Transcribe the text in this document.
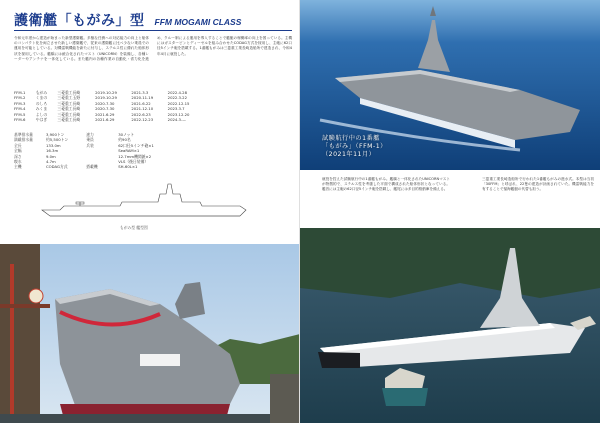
護衛艦「もがみ」型 FFM MOGAMI CLASS
令和元年度から建造が始まった新型護衛艦。多様な任務への対応能力の向上と船体のコンパクト化を両立させた新しい護衛艦で、従来の護衛艦に比べ少ない乗員での運用を可能としている。対機雷戦機能を新たに付与し、ステルス性に優れた船体形状を採用している。艦橋には統合化されたマスト（UNICORN）を装備し、各種レーダーやアンテナを一体化している。また艦内の各種作業の自動化・省力化を進め、クルー制による運用を導入することで艦艇の稼働率の向上を図っている。主機にはガスタービンとディーゼルを組み合わせたCODAG方式を採用し、主砲に62口径5インチ砲を搭載する。1番艦もがみは三菱重工業長崎造船所で建造され、令和4年4月に就役した。
FFM-1	もがみ	三菱重工長崎	2019.10.29	2021.3.3	2022.4.28
FFM-2	くまの	三菱重工玉野	2019.10.29	2020.11.19	2022.3.22
FFM-3	のしろ	三菱重工長崎	2020.7.30	2021.6.22	2022.12.15
FFM-4	みくま	三菱重工長崎	2020.7.30	2021.12.10	2023.3.7
FFM-5	よしの	三菱重工長崎	2021.6.29	2022.6.23	2023.12.20
FFM-6	やはぎ	三菱重工長崎	2021.6.29	2022.12.23	2024.3.—
基準排水量	3,900トン
満載排水量	約5,500トン
全長	133.0m
全幅	16.3m
深さ	9.0m
喫水	4.7m
主機	CODAG方式
速力	30ノット
乗員	約90名
兵装	62口径5インチ砲×1
SeaRAM×1
12.7mm機関銃×2
VLS（後日装備）
搭載機	SH-60L×1
もがみ型 艦型図
試験航行中の1番艦
「もがみ」（FFM-1）
（2021年11月）
就役を控えた試験航行中の1番艦もがみ。艦橋と一体化されたUNICORNマストが特徴的で、ステルス性を考慮した平面で構成された船体形状となっている。艦首には主砲の62口径5インチ砲を搭載し、艦尾には多目的格納庫を備える。
三菱重工業長崎造船所で行われた1番艦もがみの進水式。本型は当初「30FFM」と呼ばれ、22隻の建造が計画されていた。機雷戦能力を有することで掃海艦艇の代替も担う。
